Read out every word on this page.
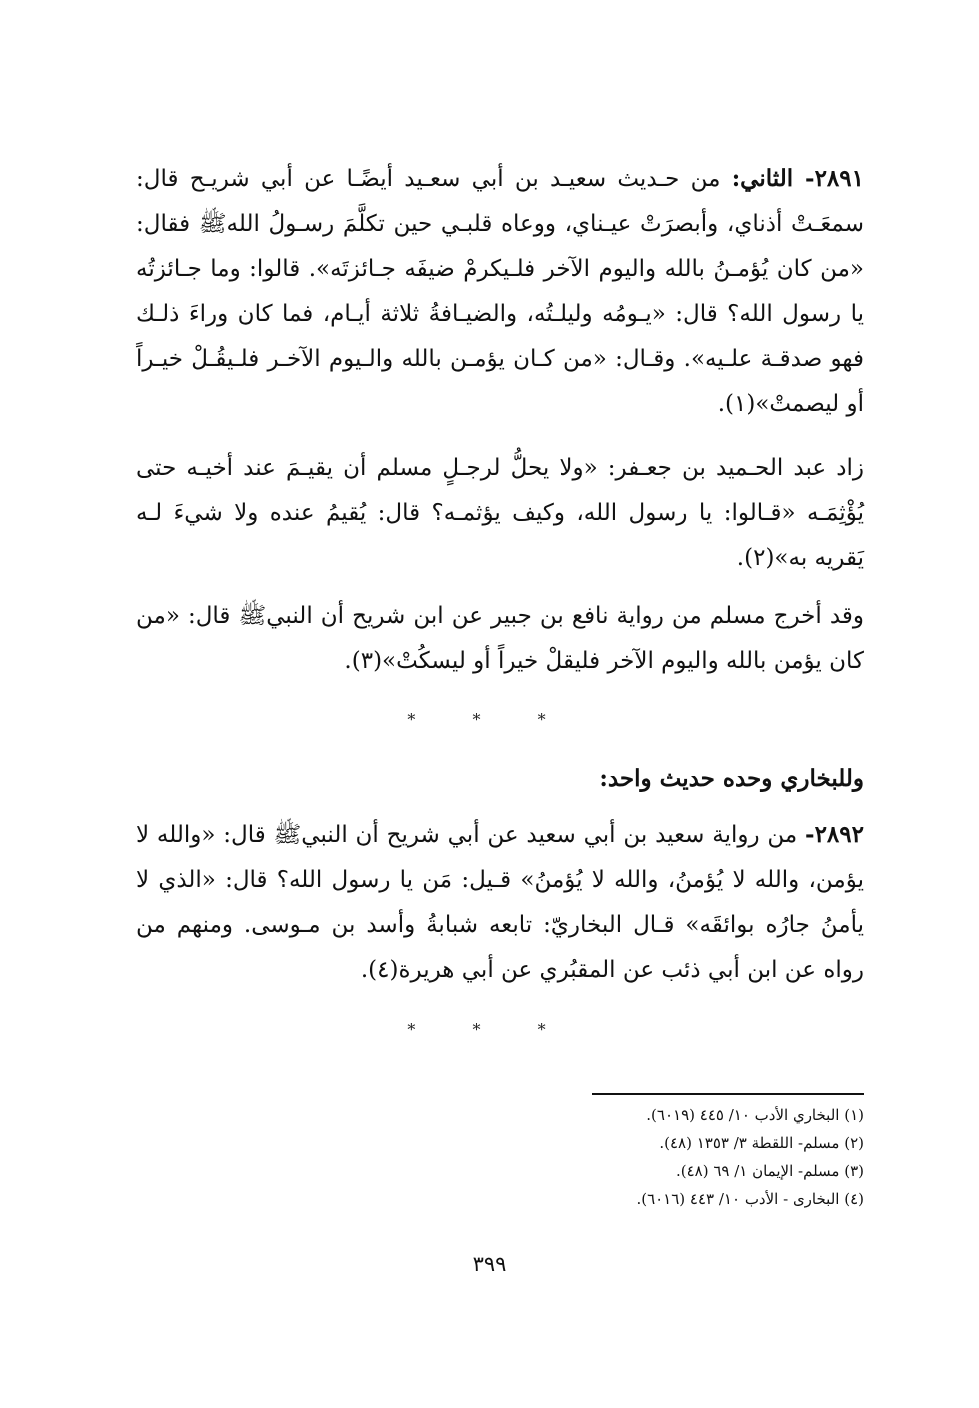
٢٨٩١- الثاني: من حـديث سعيـد بن أبي سعـيد أيضًـا عن أبي شريـح قال: سمعَـتْ أذناي، وأبصرَتْ عيـناي، ووعاه قلبـي حين تكلَّمَ رسـولُ اللهﷺ فقال: «من كان يُؤمـنُ بالله واليوم الآخر فلـيكرمْ ضيفَه جـائزتَه». قالوا: وما جـائزتُه يا رسول الله؟ قال: «يـومُه وليلـتُه، والضيـافةُ ثلاثة أيـام، فما كان وراءَ ذلـك فهو صدقـة علـيه». وقـال: «من كـان يؤمـن بالله والـيوم الآخـر فلـيقُـلْ خيـراً أو ليصمتْ»(١).
زاد عبد الحـميد بن جعـفر: «ولا يحلُّ لرجـلٍ مسلم أن يقيـمَ عند أخيـه حتى يُؤْثِمَـه «قـالوا: يا رسول الله، وكيف يؤثمـه؟ قال: يُقيمُ عنده ولا شيءَ لـه يَقريه به»(٢).
وقد أخرج مسلم من رواية نافع بن جبير عن ابن شريح أن النبيﷺ قال: «من كان يؤمن بالله واليوم الآخر فليقلْ خيراً أو ليسكُتْ»(٣).
* * *
وللبخاري وحده حديث واحد:
٢٨٩٢- من رواية سعيد بن أبي سعيد عن أبي شريح أن النبيﷺ قال: «والله لا يؤمن، والله لا يُؤمنُ، والله لا يُؤمنُ» قـيل: مَن يا رسول الله؟ قال: «الذي لا يأمنُ جارُه بوائقَه» قـال البخاريّ: تابعه شبابةُ وأسد بن مـوسى. ومنهم من رواه عن ابن أبي ذئب عن المقبُري عن أبي هريرة(٤).
* * *
(١) البخاري الأدب ١٠/ ٤٤٥ (٦٠١٩).
(٢) مسلم- اللقطة ٣/ ١٣٥٣ (٤٨).
(٣) مسلم- الإيمان ١/ ٦٩ (٤٨).
(٤) البخارى - الأدب ١٠/ ٤٤٣ (٦٠١٦).
٣٩٩
